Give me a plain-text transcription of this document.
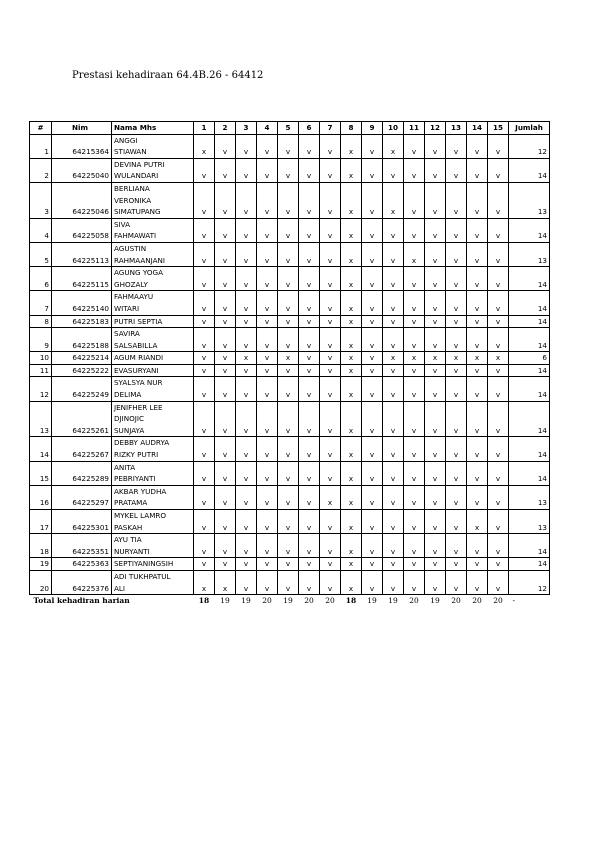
Prestasi kehadiraan 64.4B.26 - 64412
#	Nim	Nama Mhs	1	2	3	4	5	6	7	8	9	10	11	12	13	14	15	Jumlah
1	64215364	ANGGI
STIAWAN	x	v	v	v	v	v	v	x	v	x	v	v	v	v	v	12
2	64225040	DEVINA PUTRI
WULANDARI	v	v	v	v	v	v	v	x	v	v	v	v	v	v	v	14
3	64225046	BERLIANA
VERONIKA
SIMATUPANG	v	v	v	v	v	v	v	x	v	x	v	v	v	v	v	13
4	64225058	SIVA
FAHMAWATI	v	v	v	v	v	v	v	x	v	v	v	v	v	v	v	14
5	64225113	AGUSTIN
RAHMAANJANI	v	v	v	v	v	v	v	x	v	v	x	v	v	v	v	13
6	64225115	AGUNG YOGA
GHOZALY	v	v	v	v	v	v	v	x	v	v	v	v	v	v	v	14
7	64225140	FAHMAAYU
WITARI	v	v	v	v	v	v	v	x	v	v	v	v	v	v	v	14
8	64225183	PUTRI SEPTIA	v	v	v	v	v	v	v	x	v	v	v	v	v	v	v	14
9	64225188	SAVIRA
SALSABILLA	v	v	v	v	v	v	v	x	v	v	v	v	v	v	v	14
10	64225214	AGUM RIANDI	v	v	x	v	x	v	v	x	v	x	x	x	x	x	x	6
11	64225222	EVASURYANI	v	v	v	v	v	v	v	x	v	v	v	v	v	v	v	14
12	64225249	SYALSYA NUR
DELIMA	v	v	v	v	v	v	v	x	v	v	v	v	v	v	v	14
13	64225261	JENIFHER LEE
DJINOJIC
SUNJAYA	v	v	v	v	v	v	v	x	v	v	v	v	v	v	v	14
14	64225267	DEBBY AUDRYA
RIZKY PUTRI	v	v	v	v	v	v	v	x	v	v	v	v	v	v	v	14
15	64225289	ANITA
PEBRIYANTI	v	v	v	v	v	v	v	x	v	v	v	v	v	v	v	14
16	64225297	AKBAR YUDHA
PRATAMA	v	v	v	v	v	v	x	x	v	v	v	v	v	v	v	13
17	64225301	MYKEL LAMRO
PASKAH	v	v	v	v	v	v	v	x	v	v	v	v	v	x	v	13
18	64225351	AYU TIA
NURYANTI	v	v	v	v	v	v	v	x	v	v	v	v	v	v	v	14
19	64225363	SEPTIYANINGSIH	v	v	v	v	v	v	v	x	v	v	v	v	v	v	v	14
20	64225376	ADI TUKHPATUL
ALI	x	x	v	v	v	v	v	x	v	v	v	v	v	v	v	12
Total kehadiran harian			18	19	19	20	19	20	20	18	19	19	20	19	20	20	20	-
